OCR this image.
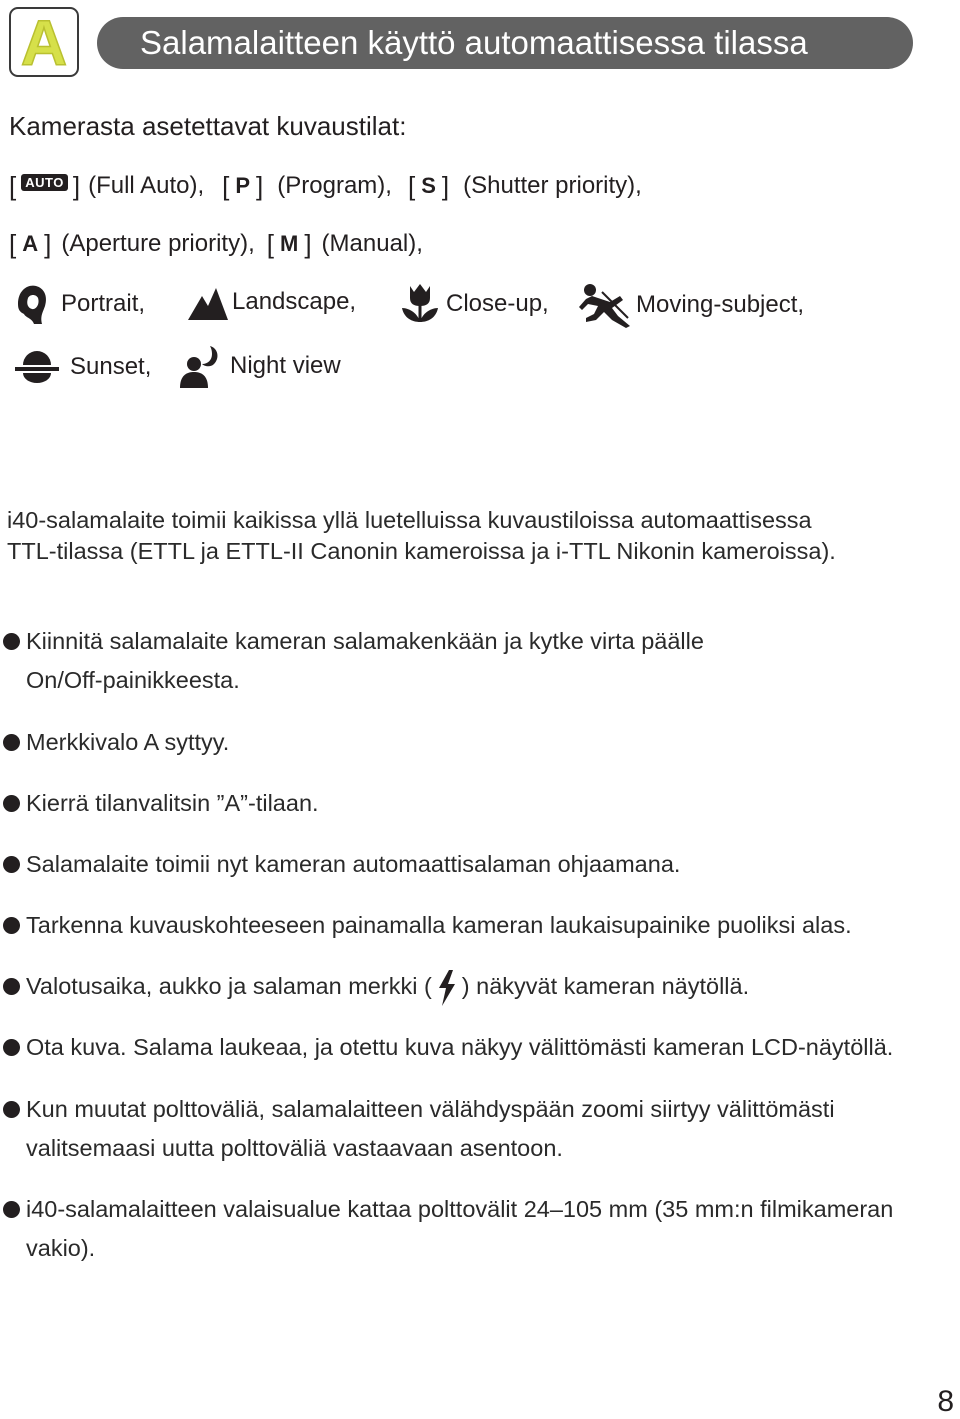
A	Salamalaitteen käyttö automaattisessa tilassa
Kamerasta asetettavat kuvaustilat:
[ AUTO ] (Full Auto), [ P ] (Program), [ S ] (Shutter priority),
[ A ] (Aperture priority), [ M ] (Manual),
Portrait,	Landscape,	Close-up,	Moving-subject,
Sunset,	Night view
i40-salamalaite toimii kaikissa yllä luetelluissa kuvaustiloissa automaattisessa
TTL-tilassa (ETTL ja ETTL-II Canonin kameroissa ja i-TTL Nikonin kameroissa).
Kiinnitä salamalaite kameran salamakenkään ja kytke virta päälle
On/Off-painikkeesta.
Merkkivalo A syttyy.
Kierrä tilanvalitsin ”A”-tilaan.
Salamalaite toimii nyt kameran automaattisalaman ohjaamana.
Tarkenna kuvauskohteeseen painamalla kameran laukaisupainike puoliksi alas.
Valotusaika, aukko ja salaman merkki ( ) näkyvät kameran näytöllä.
Ota kuva. Salama laukeaa, ja otettu kuva näkyy välittömästi kameran LCD-näytöllä.
Kun muutat polttoväliä, salamalaitteen välähdyspään zoomi siirtyy välittömästi
valitsemaasi uutta polttoväliä vastaavaan asentoon.
i40-salamalaitteen valaisualue kattaa polttovälit 24–105 mm (35 mm:n filmikameran
vakio).
8
